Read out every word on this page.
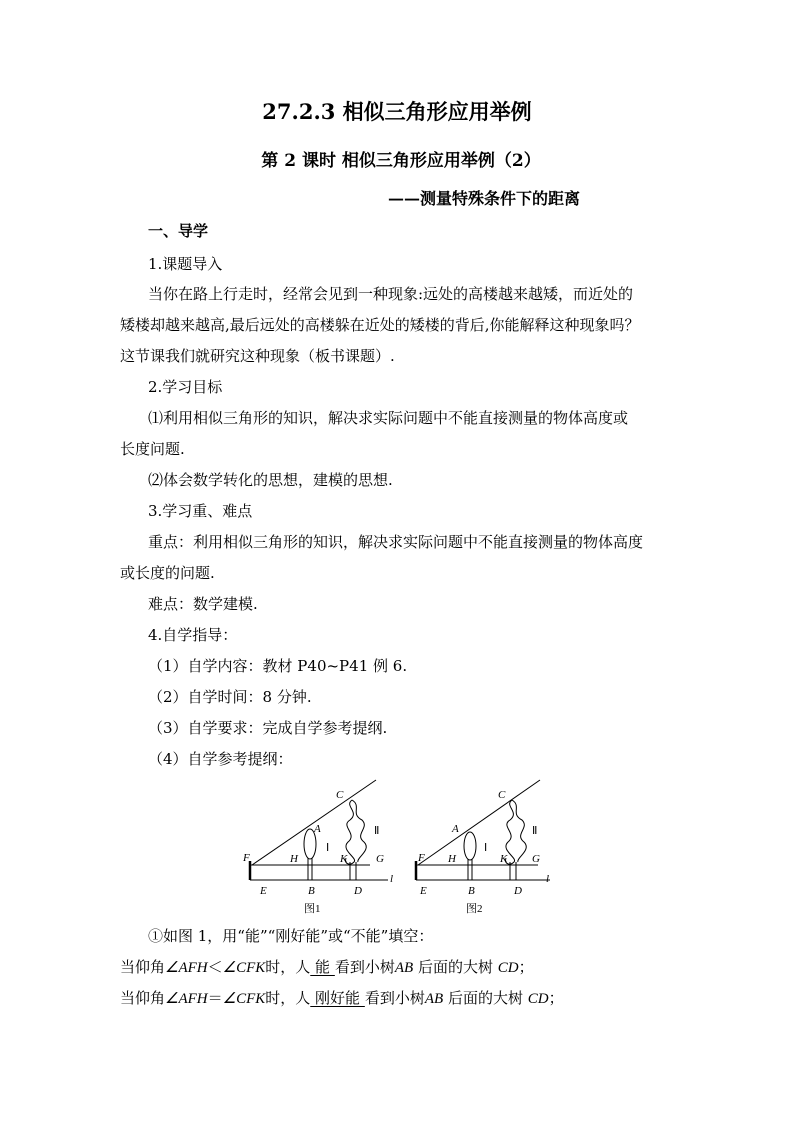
27.2.3 相似三角形应用举例
第 2 课时 相似三角形应用举例（2）
——测量特殊条件下的距离
一、导学
1.课题导入
当你在路上行走时，经常会见到一种现象:远处的高楼越来越矮，而近处的
矮楼却越来越高,最后远处的高楼躲在近处的矮楼的背后,你能解释这种现象吗？
这节课我们就研究这种现象（板书课题）.
2.学习目标
⑴利用相似三角形的知识，解决求实际问题中不能直接测量的物体高度或
长度问题.
⑵体会数学转化的思想，建模的思想.
3.学习重、难点
重点：利用相似三角形的知识，解决求实际问题中不能直接测量的物体高度
或长度的问题.
难点：数学建模.
4.自学指导：
（1）自学内容：教材 P40~P41 例 6.
（2）自学时间：8 分钟.
（3）自学要求：完成自学参考提纲.
（4）自学参考提纲：
C
A
F	H	K	G
E	B	D
l
Ⅰ
Ⅱ
图1
C
A
F H	K G
E	B	D
l
Ⅰ
Ⅱ
图2
①如图 1，用“能”“刚好能”或“不能”填空：
当仰角∠AFH＜∠CFK时，人 能 看到小树AB 后面的大树 CD；
当仰角∠AFH＝∠CFK时，人 刚好能 看到小树AB 后面的大树 CD；
